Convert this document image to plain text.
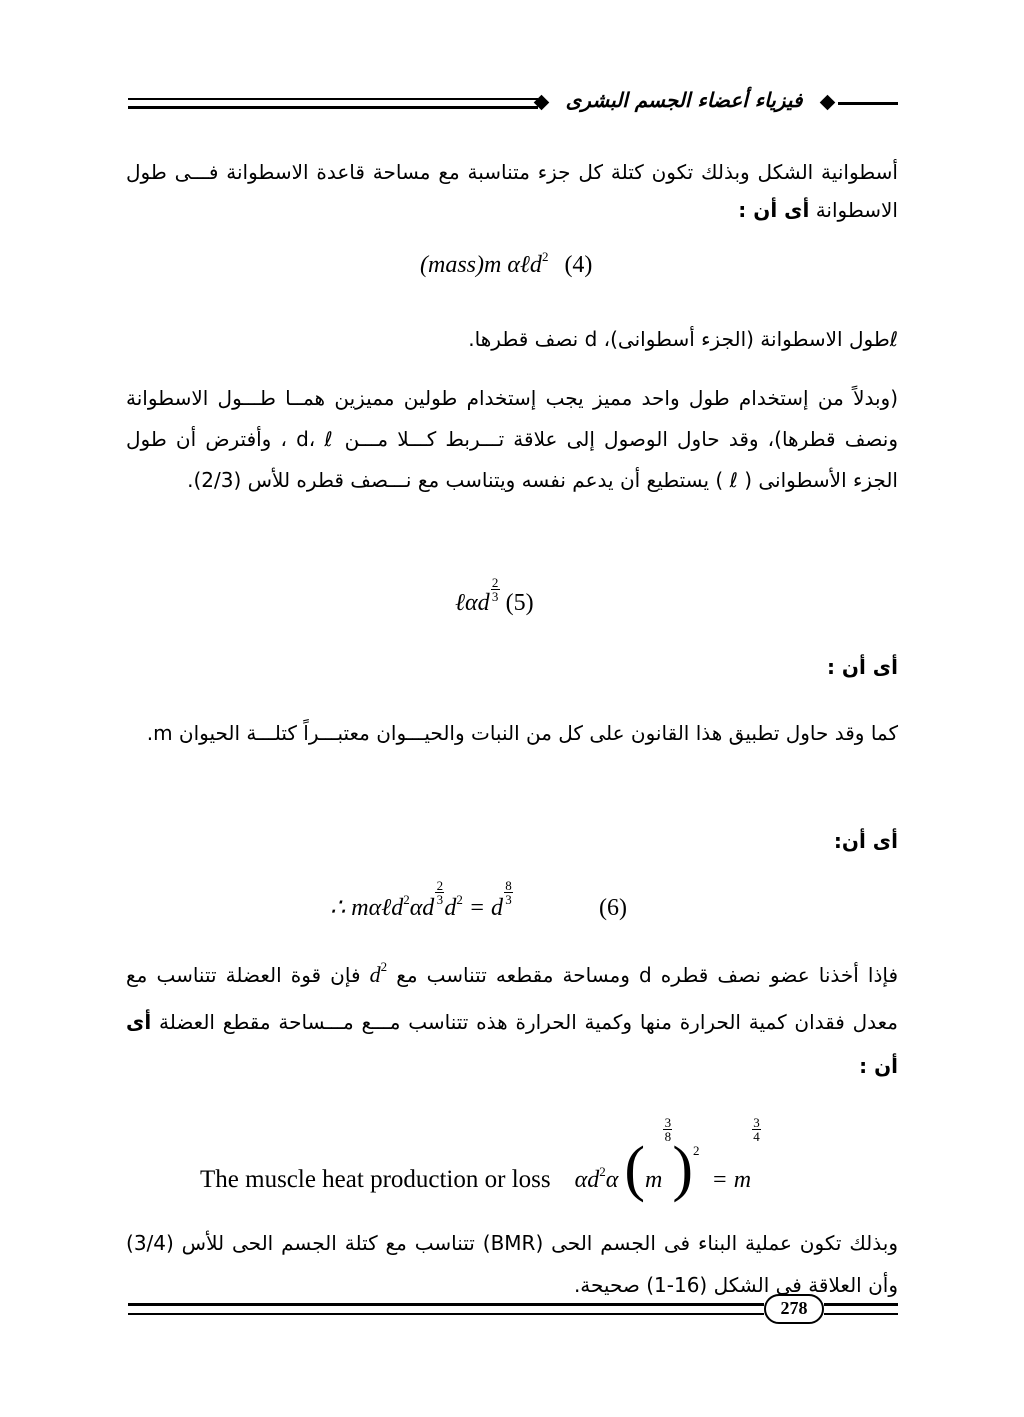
فيزياء أعضاء الجسم البشرى
أسطوانية الشكل وبذلك تكون كتلة كل جزء متناسبة مع مساحة قاعدة الاسطوانة فـــى طول الاسطوانة أى أن :
(mass)m αℓd$^2$ (4)
ℓطول الاسطوانة (الجزء أسطوانى)، d نصف قطرها.
(وبدلاً من إستخدام طول واحد مميز يجب إستخدام طولين مميزين همــا طـــول الاسطوانة ونصف قطرها)، وقد حاول الوصول إلى علاقة تـــربط كـــلا مـــن d، ℓ ، وأفترض أن طول الجزء الأسطوانى ( ℓ ) يستطيع أن يدعم نفسه ويتناسب مع نـــصف قطره للأس (2/3).
ℓαd $\frac{2}{3} (5)$
أى أن :
كما وقد حاول تطبيق هذا القانون على كل من النبات والحيـــوان معتبـــراً كتلـــة الحيوان m.
أى أن:
∴ mαℓd$^2$αd
$\frac{2}{3}$
$d^2 = d$
$\frac{8}{3}$
(6)
فإذا أخذنا عضو نصف قطره d ومساحة مقطعه تتناسب مع $d^2$ فإن قوة العضلة تتناسب مع معدل فقدان كمية الحرارة منها وكمية الحرارة هذه تتناسب مـــع مـــساحة مقطع العضلة أى أن :
The muscle heat production or loss αd2α (m
$\frac{3}{8}$
)$^2$ = m
$\frac{3}{4}$
وبذلك تكون عملية البناء فى الجسم الحى (BMR) تتناسب مع كتلة الجسم الحى للأس (3/4) وأن العلاقة فى الشكل (16-1) صحيحة.
278
